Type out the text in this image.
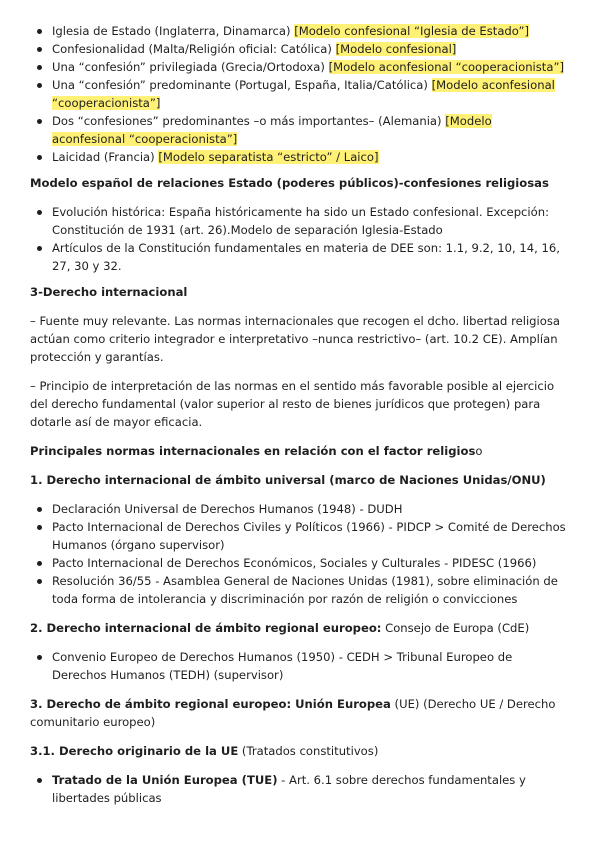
Iglesia de Estado (Inglaterra, Dinamarca) [Modelo confesional “Iglesia de Estado”]
Confesionalidad (Malta/Religión oficial: Católica) [Modelo confesional]
Una “confesión” privilegiada (Grecia/Ortodoxa) [Modelo aconfesional “cooperacionista”]
Una “confesión” predominante (Portugal, España, Italia/Católica) [Modelo aconfesional “cooperacionista”]
Dos “confesiones” predominantes –o más importantes– (Alemania) [Modelo aconfesional “cooperacionista”]
Laicidad (Francia) [Modelo separatista “estricto” / Laico]

Modelo español de relaciones Estado (poderes públicos)-confesiones religiosas

Evolución histórica: España históricamente ha sido un Estado confesional. Excepción: Constitución de 1931 (art. 26).Modelo de separación Iglesia-Estado
Artículos de la Constitución fundamentales en materia de DEE son: 1.1, 9.2, 10, 14, 16, 27, 30 y 32.

3-Derecho internacional

– Fuente muy relevante. Las normas internacionales que recogen el dcho. libertad religiosa actúan como criterio integrador e interpretativo –nunca restrictivo– (art. 10.2 CE). Amplían protección y garantías.

– Principio de interpretación de las normas en el sentido más favorable posible al ejercicio del derecho fundamental (valor superior al resto de bienes jurídicos que protegen) para dotarle así de mayor eficacia.

Principales normas internacionales en relación con el factor religioso

1. Derecho internacional de ámbito universal (marco de Naciones Unidas/ONU)

Declaración Universal de Derechos Humanos (1948) - DUDH
Pacto Internacional de Derechos Civiles y Políticos (1966) - PIDCP > Comité de Derechos Humanos (órgano supervisor)
Pacto Internacional de Derechos Económicos, Sociales y Culturales - PIDESC (1966)
Resolución 36/55 - Asamblea General de Naciones Unidas (1981), sobre eliminación de toda forma de intolerancia y discriminación por razón de religión o convicciones

2. Derecho internacional de ámbito regional europeo: Consejo de Europa (CdE)

Convenio Europeo de Derechos Humanos (1950) - CEDH > Tribunal Europeo de Derechos Humanos (TEDH) (supervisor)

3. Derecho de ámbito regional europeo: Unión Europea (UE) (Derecho UE / Derecho comunitario europeo)

3.1. Derecho originario de la UE (Tratados constitutivos)

Tratado de la Unión Europea (TUE) - Art. 6.1 sobre derechos fundamentales y libertades públicas
